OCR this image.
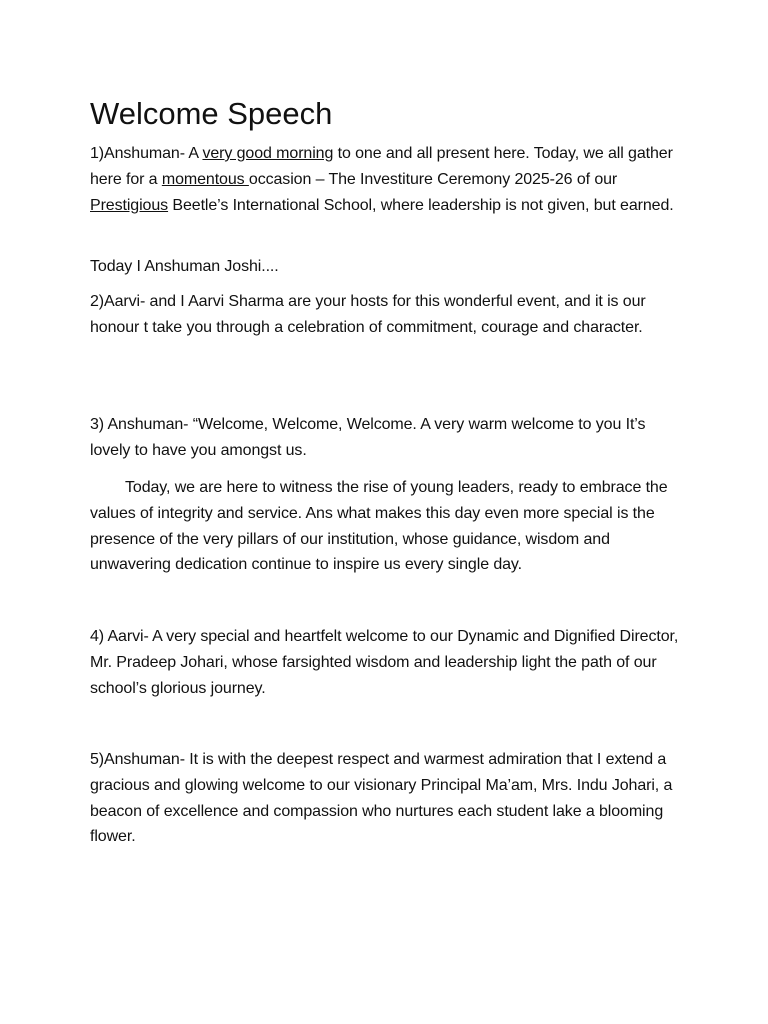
Welcome Speech

1)Anshuman- A very good morning to one and all present here. Today, we all gather here for a momentous occasion – The Investiture Ceremony 2025-26 of our Prestigious Beetle’s International School, where leadership is not given, but earned.

Today I Anshuman Joshi....

2)Aarvi- and I Aarvi Sharma are your hosts for this wonderful event, and it is our honour t take you through a celebration of commitment, courage and character.

3) Anshuman- “Welcome, Welcome, Welcome. A very warm welcome to you It’s lovely to have you amongst us.

Today, we are here to witness the rise of young leaders, ready to embrace the values of integrity and service. Ans what makes this day even more special is the presence of the very pillars of our institution, whose guidance, wisdom and unwavering dedication continue to inspire us every single day.

4) Aarvi- A very special and heartfelt welcome to our Dynamic and Dignified Director, Mr. Pradeep Johari, whose farsighted wisdom and leadership light the path of our school’s glorious journey.

5)Anshuman- It is with the deepest respect and warmest admiration that I extend a gracious and glowing welcome to our visionary Principal Ma’am, Mrs. Indu Johari, a beacon of excellence and compassion who nurtures each student lake a blooming flower.
